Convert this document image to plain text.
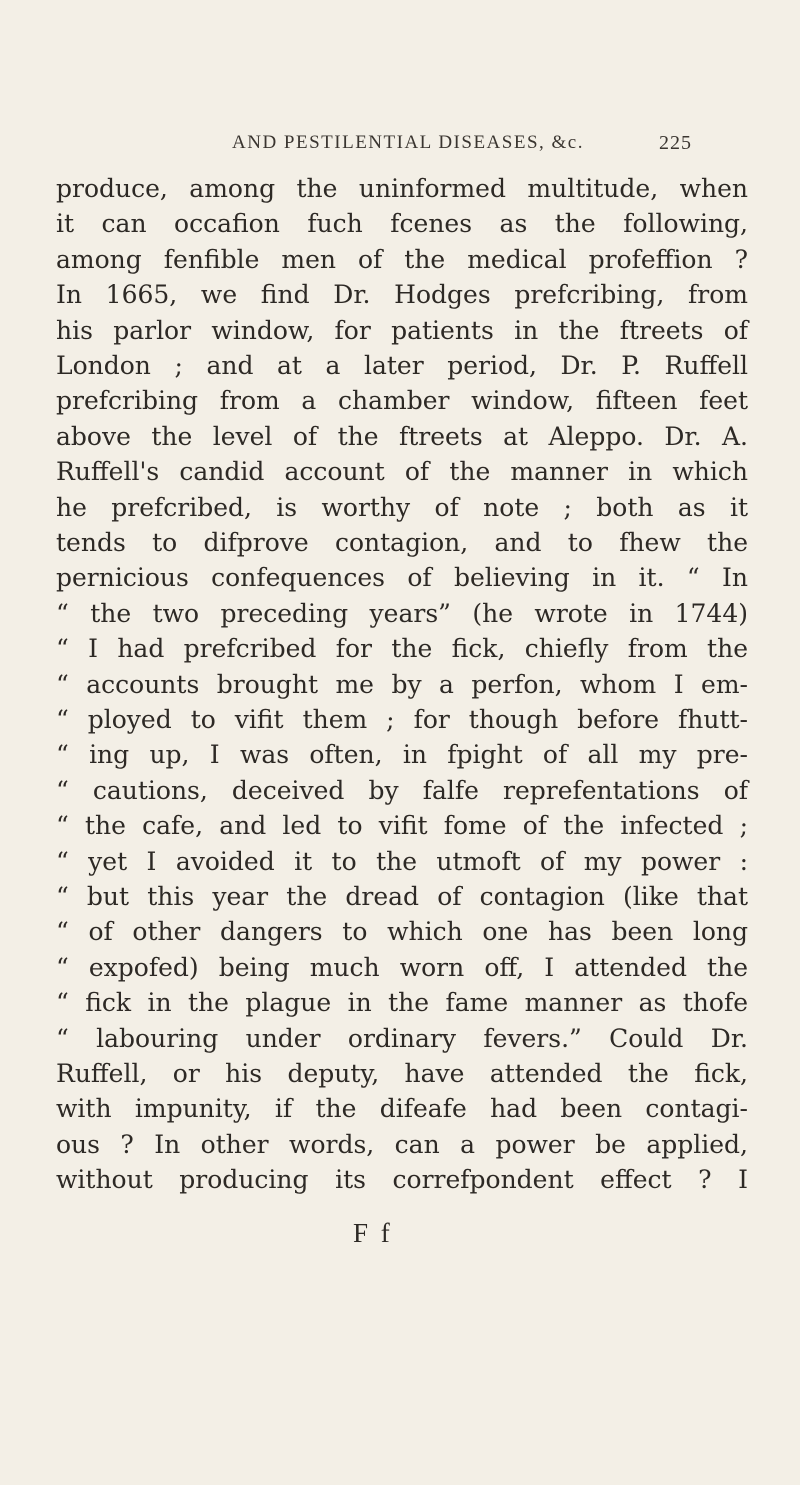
AND PESTILENTIAL DISEASES, &c.	225
produce, among the uninformed multitude, when
it can occafion fuch fcenes as the following,
among fenfible men of the medical profeffion ?
In 1665, we find Dr. Hodges prefcribing, from
his parlor window, for patients in the ftreets of
London ; and at a later period, Dr. P. Ruffell
prefcribing from a chamber window, fifteen feet
above the level of the ftreets at Aleppo. Dr. A.
Ruffell's candid account of the manner in which
he prefcribed, is worthy of note ; both as it
tends to difprove contagion, and to fhew the
pernicious confequences of believing in it. “ In
“ the two preceding years” (he wrote in 1744)
“ I had prefcribed for the fick, chiefly from the
“ accounts brought me by a perfon, whom I em-
“ ployed to vifit them ; for though before fhutt-
“ ing up, I was often, in fpight of all my pre-
“ cautions, deceived by falfe reprefentations of
“ the cafe, and led to vifit fome of the infected ;
“ yet I avoided it to the utmoft of my power :
“ but this year the dread of contagion (like that
“ of other dangers to which one has been long
“ expofed) being much worn off, I attended the
“ fick in the plague in the fame manner as thofe
“ labouring under ordinary fevers.” Could Dr.
Ruffell, or his deputy, have attended the fick,
with impunity, if the difeafe had been contagi-
ous ? In other words, can a power be applied,
without producing its correfpondent effect ? I
F f
